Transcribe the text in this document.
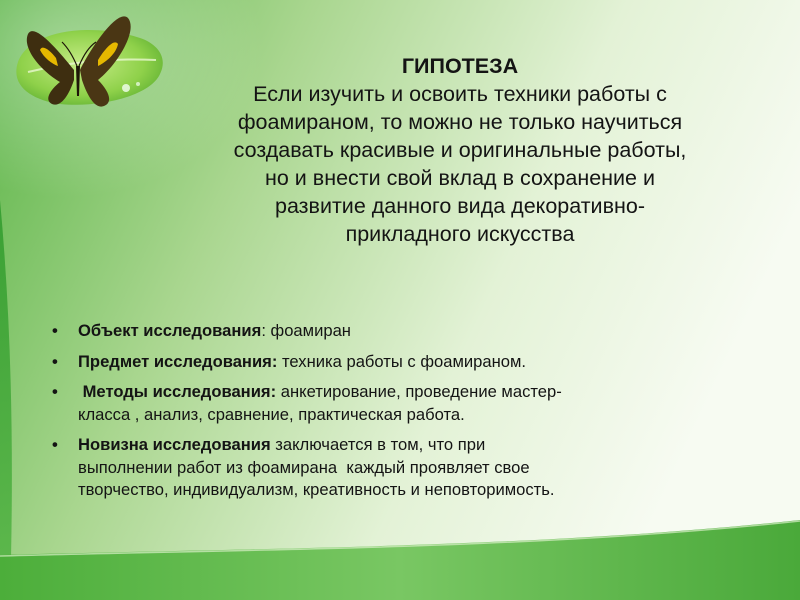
ГИПОТЕЗА
Если изучить и освоить техники работы с
фоамираном, то можно не только научиться
создавать красивые и оригинальные работы,
но и внести свой вклад в сохранение и
развитие данного вида декоративно-
прикладного искусства
• Объект исследования: фоамиран
• Предмет исследования: техника работы с фоамираном.
• Методы исследования: анкетирование, проведение мастер-
класса , анализ, сравнение, практическая работа.
• Новизна исследования заключается в том, что при
выполнении работ из фоамирана  каждый проявляет свое
творчество, индивидуализм, креативность и неповторимость.
